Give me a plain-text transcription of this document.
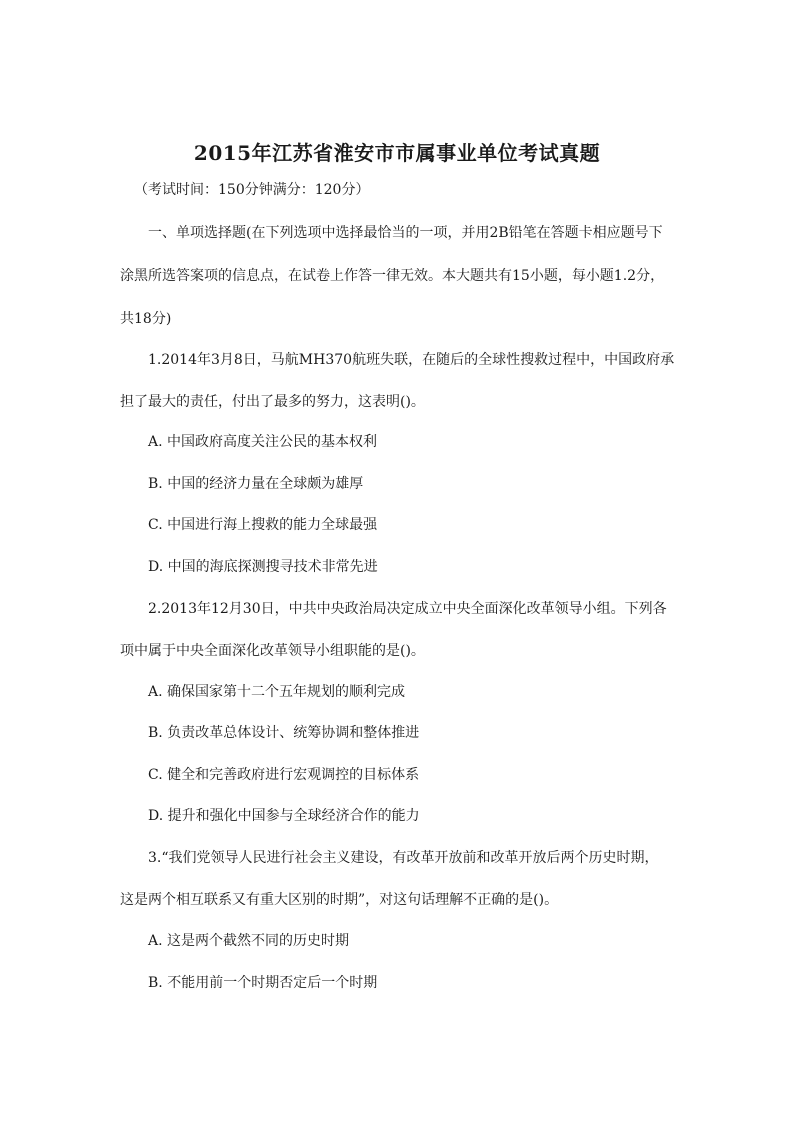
2015年江苏省淮安市市属事业单位考试真题

（考试时间：150分钟满分：120分）

一、单项选择题(在下列选项中选择最恰当的一项，并用2B铅笔在答题卡相应题号下

涂黑所选答案项的信息点，在试卷上作答一律无效。本大题共有15小题，每小题1.2分，

共18分)

1.2014年3月8日，马航MH370航班失联，在随后的全球性搜救过程中，中国政府承

担了最大的责任，付出了最多的努力，这表明()。

A. 中国政府高度关注公民的基本权利

B. 中国的经济力量在全球颇为雄厚

C. 中国进行海上搜救的能力全球最强

D. 中国的海底探测搜寻技术非常先进

2.2013年12月30日，中共中央政治局决定成立中央全面深化改革领导小组。下列各

项中属于中央全面深化改革领导小组职能的是()。

A. 确保国家第十二个五年规划的顺利完成

B. 负责改革总体设计、统筹协调和整体推进

C. 健全和完善政府进行宏观调控的目标体系

D. 提升和强化中国参与全球经济合作的能力

3.“我们党领导人民进行社会主义建设，有改革开放前和改革开放后两个历史时期，

这是两个相互联系又有重大区别的时期”，对这句话理解不正确的是()。

A. 这是两个截然不同的历史时期

B. 不能用前一个时期否定后一个时期
